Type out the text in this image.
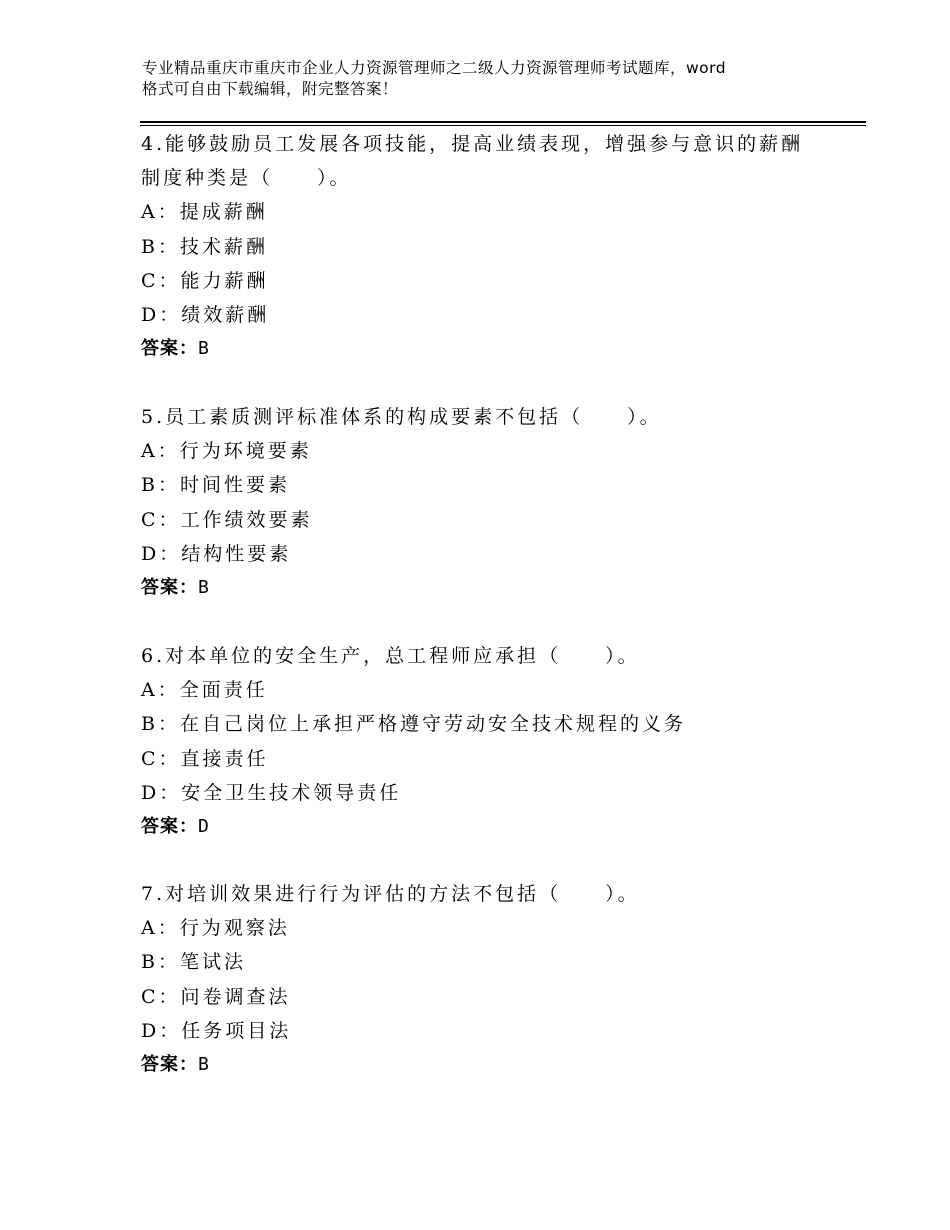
专业精品重庆市重庆市企业人力资源管理师之二级人力资源管理师考试题库，word
格式可自由下载编辑，附完整答案！
4.能够鼓励员工发展各项技能，提高业绩表现，增强参与意识的薪酬
制度种类是（　　）。
A：提成薪酬
B：技术薪酬
C：能力薪酬
D：绩效薪酬
答案：B
5.员工素质测评标准体系的构成要素不包括（　　）。
A：行为环境要素
B：时间性要素
C：工作绩效要素
D：结构性要素
答案：B
6.对本单位的安全生产，总工程师应承担（　　）。
A：全面责任
B：在自己岗位上承担严格遵守劳动安全技术规程的义务
C：直接责任
D：安全卫生技术领导责任
答案：D
7.对培训效果进行行为评估的方法不包括（　　）。
A：行为观察法
B：笔试法
C：问卷调查法
D：任务项目法
答案：B
